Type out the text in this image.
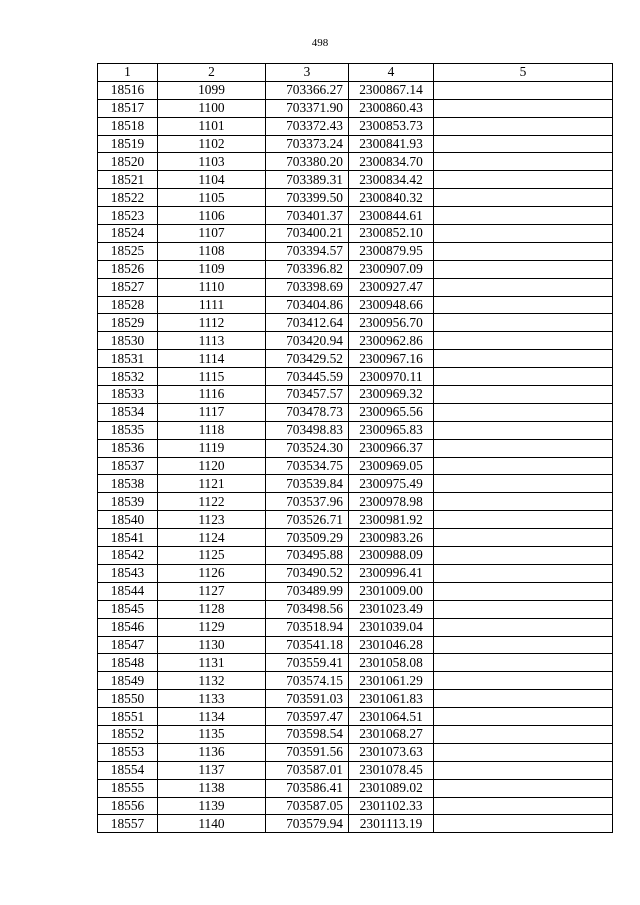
498
1	2	3	4	5
18516	1099	703366.27	2300867.14	
18517	1100	703371.90	2300860.43	
18518	1101	703372.43	2300853.73	
18519	1102	703373.24	2300841.93	
18520	1103	703380.20	2300834.70	
18521	1104	703389.31	2300834.42	
18522	1105	703399.50	2300840.32	
18523	1106	703401.37	2300844.61	
18524	1107	703400.21	2300852.10	
18525	1108	703394.57	2300879.95	
18526	1109	703396.82	2300907.09	
18527	1110	703398.69	2300927.47	
18528	1111	703404.86	2300948.66	
18529	1112	703412.64	2300956.70	
18530	1113	703420.94	2300962.86	
18531	1114	703429.52	2300967.16	
18532	1115	703445.59	2300970.11	
18533	1116	703457.57	2300969.32	
18534	1117	703478.73	2300965.56	
18535	1118	703498.83	2300965.83	
18536	1119	703524.30	2300966.37	
18537	1120	703534.75	2300969.05	
18538	1121	703539.84	2300975.49	
18539	1122	703537.96	2300978.98	
18540	1123	703526.71	2300981.92	
18541	1124	703509.29	2300983.26	
18542	1125	703495.88	2300988.09	
18543	1126	703490.52	2300996.41	
18544	1127	703489.99	2301009.00	
18545	1128	703498.56	2301023.49	
18546	1129	703518.94	2301039.04	
18547	1130	703541.18	2301046.28	
18548	1131	703559.41	2301058.08	
18549	1132	703574.15	2301061.29	
18550	1133	703591.03	2301061.83	
18551	1134	703597.47	2301064.51	
18552	1135	703598.54	2301068.27	
18553	1136	703591.56	2301073.63	
18554	1137	703587.01	2301078.45	
18555	1138	703586.41	2301089.02	
18556	1139	703587.05	2301102.33	
18557	1140	703579.94	2301113.19	
